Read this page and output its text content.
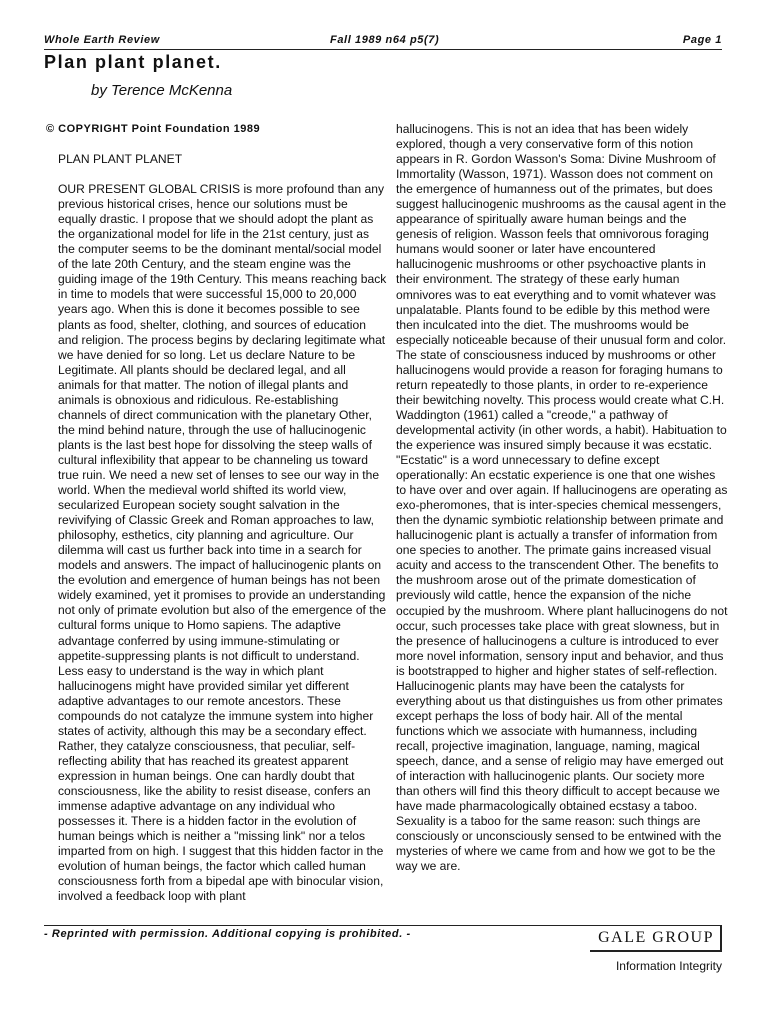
Whole Earth Review	Fall 1989 n64 p5(7)	Page 1
Plan plant planet.
by Terence McKenna

© COPYRIGHT Point Foundation 1989

PLAN PLANT PLANET

OUR PRESENT GLOBAL CRISIS is more profound than any previous historical crises, hence our solutions must be equally drastic. I propose that we should adopt the plant as the organizational model for life in the 21st century, just as the computer seems to be the dominant mental/social model of the late 20th Century, and the steam engine was the guiding image of the 19th Century. This means reaching back in time to models that were successful 15,000 to 20,000 years ago. When this is done it becomes possible to see plants as food, shelter, clothing, and sources of education and religion. The process begins by declaring legitimate what we have denied for so long. Let us declare Nature to be Legitimate. All plants should be declared legal, and all animals for that matter. The notion of illegal plants and animals is obnoxious and ridiculous. Re-establishing channels of direct communication with the planetary Other, the mind behind nature, through the use of hallucinogenic plants is the last best hope for dissolving the steep walls of cultural inflexibility that appear to be channeling us toward true ruin. We need a new set of lenses to see our way in the world. When the medieval world shifted its world view, secularized European society sought salvation in the revivifying of Classic Greek and Roman approaches to law, philosophy, esthetics, city planning and agriculture. Our dilemma will cast us further back into time in a search for models and answers. The impact of hallucinogenic plants on the evolution and emergence of human beings has not been widely examined, yet it promises to provide an understanding not only of primate evolution but also of the emergence of the cultural forms unique to Homo sapiens. The adaptive advantage conferred by using immune-stimulating or appetite-suppressing plants is not difficult to understand. Less easy to understand is the way in which plant hallucinogens might have provided similar yet different adaptive advantages to our remote ancestors. These compounds do not catalyze the immune system into higher states of activity, although this may be a secondary effect. Rather, they catalyze consciousness, that peculiar, self-reflecting ability that has reached its greatest apparent expression in human beings. One can hardly doubt that consciousness, like the ability to resist disease, confers an immense adaptive advantage on any individual who possesses it. There is a hidden factor in the evolution of human beings which is neither a "missing link" nor a telos imparted from on high. I suggest that this hidden factor in the evolution of human beings, the factor which called human consciousness forth from a bipedal ape with binocular vision, involved a feedback loop with plant

hallucinogens. This is not an idea that has been widely explored, though a very conservative form of this notion appears in R. Gordon Wasson's Soma: Divine Mushroom of Immortality (Wasson, 1971). Wasson does not comment on the emergence of humanness out of the primates, but does suggest hallucinogenic mushrooms as the causal agent in the appearance of spiritually aware human beings and the genesis of religion. Wasson feels that omnivorous foraging humans would sooner or later have encountered hallucinogenic mushrooms or other psychoactive plants in their environment. The strategy of these early human omnivores was to eat everything and to vomit whatever was unpalatable. Plants found to be edible by this method were then inculcated into the diet. The mushrooms would be especially noticeable because of their unusual form and color. The state of consciousness induced by mushrooms or other hallucinogens would provide a reason for foraging humans to return repeatedly to those plants, in order to re-experience their bewitching novelty. This process would create what C.H. Waddington (1961) called a "creode," a pathway of developmental activity (in other words, a habit). Habituation to the experience was insured simply because it was ecstatic. "Ecstatic" is a word unnecessary to define except operationally: An ecstatic experience is one that one wishes to have over and over again. If hallucinogens are operating as exo-pheromones, that is inter-species chemical messengers, then the dynamic symbiotic relationship between primate and hallucinogenic plant is actually a transfer of information from one species to another. The primate gains increased visual acuity and access to the transcendent Other. The benefits to the mushroom arose out of the primate domestication of previously wild cattle, hence the expansion of the niche occupied by the mushroom. Where plant hallucinogens do not occur, such processes take place with great slowness, but in the presence of hallucinogens a culture is introduced to ever more novel information, sensory input and behavior, and thus is bootstrapped to higher and higher states of self-reflection. Hallucinogenic plants may have been the catalysts for everything about us that distinguishes us from other primates except perhaps the loss of body hair. All of the mental functions which we associate with humanness, including recall, projective imagination, language, naming, magical speech, dance, and a sense of religio may have emerged out of interaction with hallucinogenic plants. Our society more than others will find this theory difficult to accept because we have made pharmacologically obtained ecstasy a taboo. Sexuality is a taboo for the same reason: such things are consciously or unconsciously sensed to be entwined with the mysteries of where we came from and how we got to be the way we are.

- Reprinted with permission. Additional copying is prohibited. -	GALE GROUP
Information Integrity
